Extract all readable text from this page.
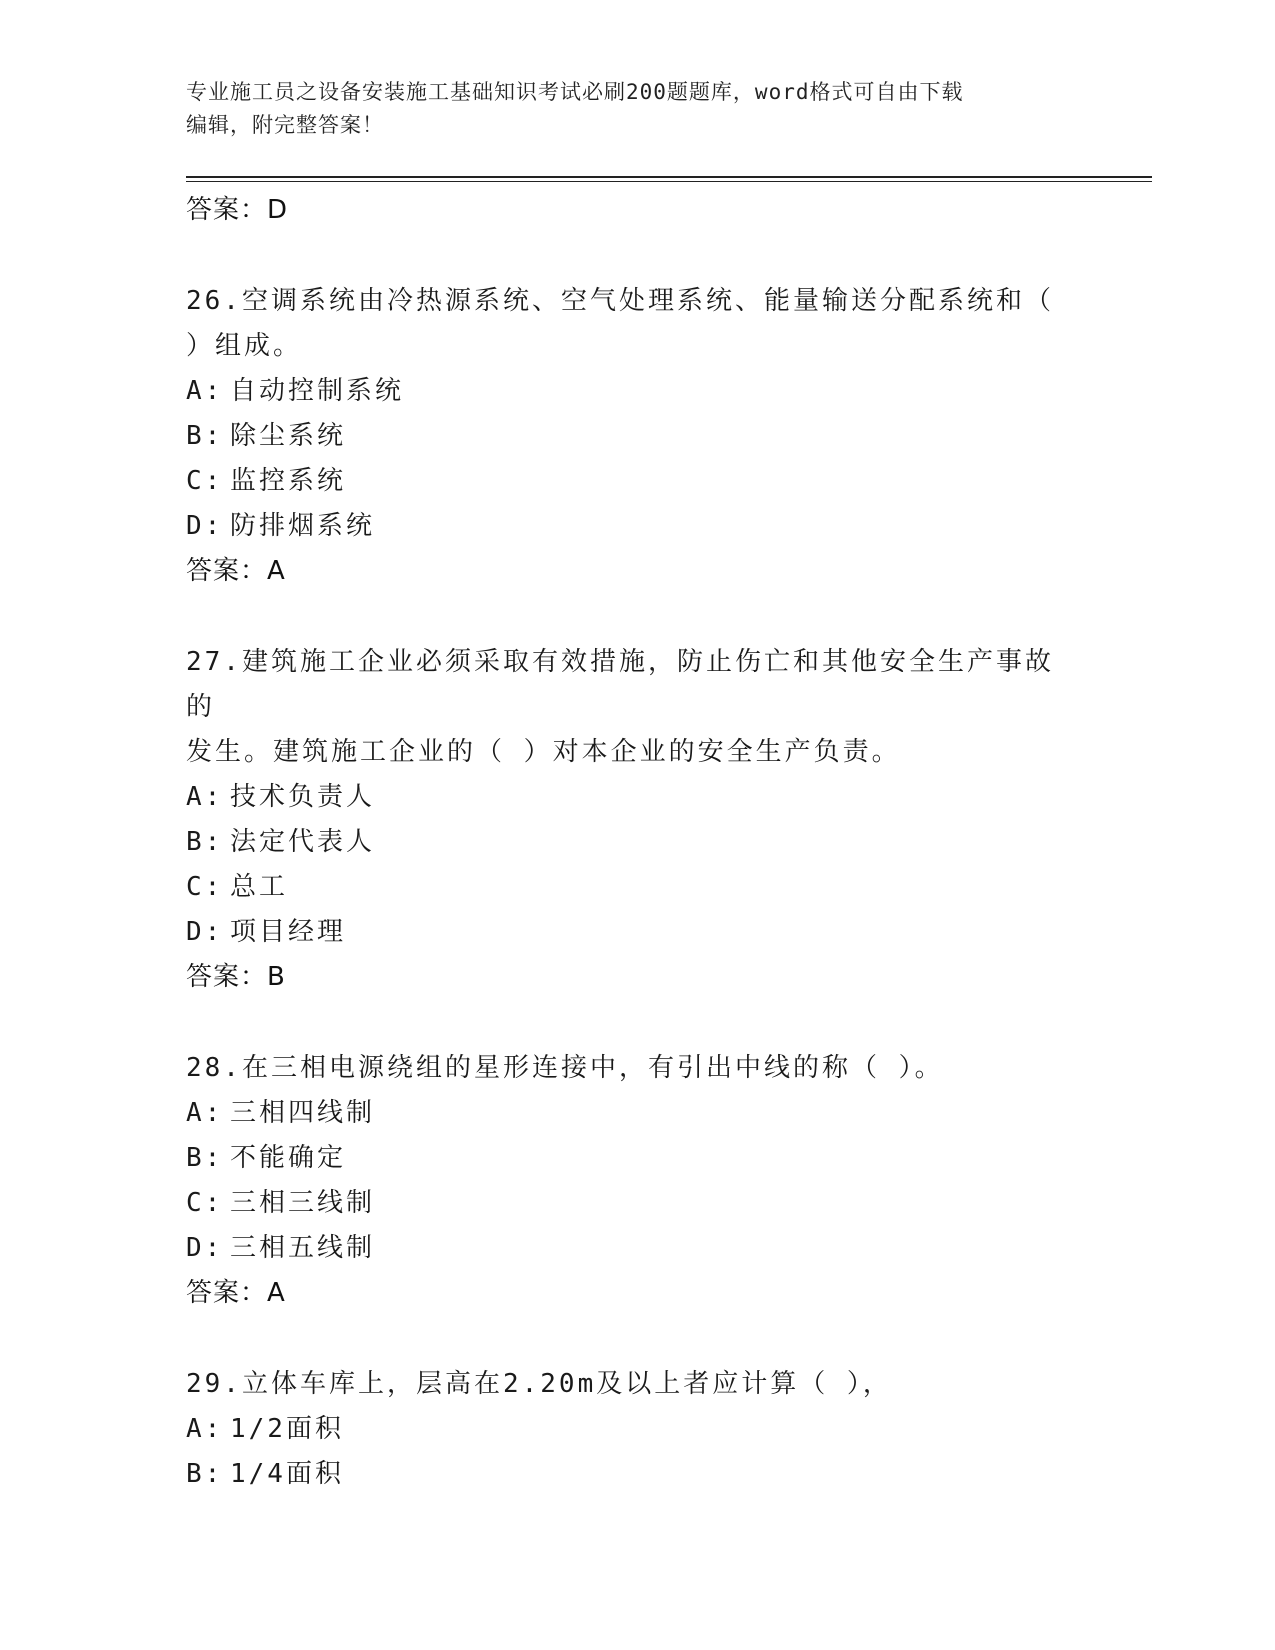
专业施工员之设备安装施工基础知识考试必刷200题题库，word格式可自由下载
编辑，附完整答案！
答案：D
26.空调系统由冷热源系统、空气处理系统、能量输送分配系统和（
）组成。
A: 自动控制系统
B: 除尘系统
C: 监控系统
D: 防排烟系统
答案：A
27.建筑施工企业必须采取有效措施，防止伤亡和其他安全生产事故的
发生。建筑施工企业的（ ）对本企业的安全生产负责。
A: 技术负责人
B: 法定代表人
C: 总工
D: 项目经理
答案：B
28.在三相电源绕组的星形连接中，有引出中线的称（ ）。
A: 三相四线制
B: 不能确定
C: 三相三线制
D: 三相五线制
答案：A
29.立体车库上，层高在2.20m及以上者应计算（ ），
A: 1/2面积
B: 1/4面积
